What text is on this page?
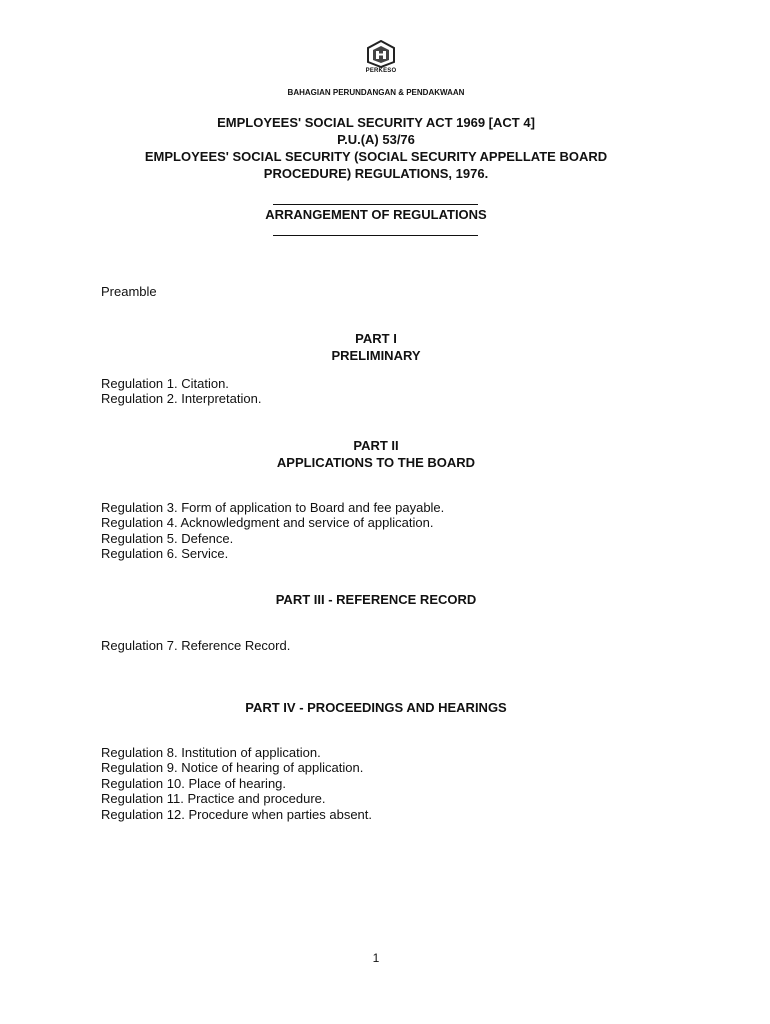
PERKESO
BAHAGIAN PERUNDANGAN & PENDAKWAAN
EMPLOYEES' SOCIAL SECURITY ACT 1969 [ACT 4]
P.U.(A) 53/76
EMPLOYEES' SOCIAL SECURITY (SOCIAL SECURITY APPELLATE BOARD
PROCEDURE) REGULATIONS, 1976.
ARRANGEMENT OF REGULATIONS
Preamble
PART I
PRELIMINARY
Regulation 1. Citation.
Regulation 2. Interpretation.
PART II
APPLICATIONS TO THE BOARD
Regulation 3. Form of application to Board and fee payable.
Regulation 4. Acknowledgment and service of application.
Regulation 5. Defence.
Regulation 6. Service.
PART III - REFERENCE RECORD
Regulation 7. Reference Record.
PART IV - PROCEEDINGS AND HEARINGS
Regulation 8. Institution of application.
Regulation 9. Notice of hearing of application.
Regulation 10. Place of hearing.
Regulation 11. Practice and procedure.
Regulation 12. Procedure when parties absent.
1
